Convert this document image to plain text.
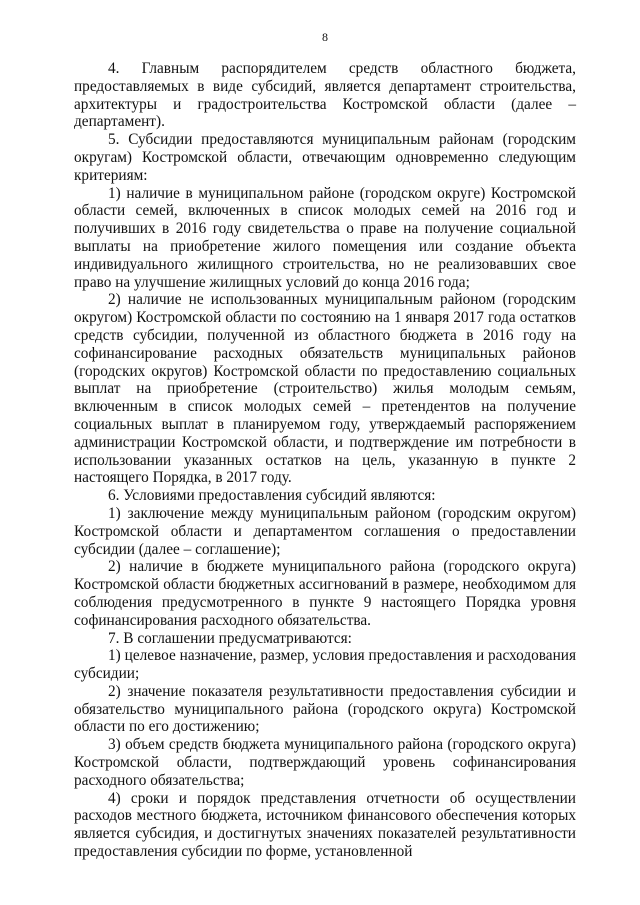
8

4. Главным распорядителем средств областного бюджета, предоставляемых в виде субсидий, является департамент строительства, архитектуры и градостроительства Костромской области (далее – департамент).

5. Субсидии предоставляются муниципальным районам (городским округам) Костромской области, отвечающим одновременно следующим критериям:

1) наличие в муниципальном районе (городском округе) Костромской области семей, включенных в список молодых семей на 2016 год и получивших в 2016 году свидетельства о праве на получение социальной выплаты на приобретение жилого помещения или создание объекта индивидуального жилищного строительства, но не реализовавших свое право на улучшение жилищных условий до конца 2016 года;

2) наличие не использованных муниципальным районом (городским округом) Костромской области по состоянию на 1 января 2017 года остатков средств субсидии, полученной из областного бюджета в 2016 году на софинансирование расходных обязательств муниципальных районов (городских округов) Костромской области по предоставлению социальных выплат на приобретение (строительство) жилья молодым семьям, включенным в список молодых семей – претендентов на получение социальных выплат в планируемом году, утверждаемый распоряжением администрации Костромской области, и подтверждение им потребности в использовании указанных остатков на цель, указанную в пункте 2 настоящего Порядка, в 2017 году.

6. Условиями предоставления субсидий являются:

1) заключение между муниципальным районом (городским округом) Костромской области и департаментом соглашения о предоставлении субсидии (далее – соглашение);

2) наличие в бюджете муниципального района (городского округа) Костромской области бюджетных ассигнований в размере, необходимом для соблюдения предусмотренного в пункте 9 настоящего Порядка уровня софинансирования расходного обязательства.

7. В соглашении предусматриваются:

1) целевое назначение, размер, условия предоставления и расходования субсидии;

2) значение показателя результативности предоставления субсидии и обязательство муниципального района (городского округа) Костромской области по его достижению;

3) объем средств бюджета муниципального района (городского округа) Костромской области, подтверждающий уровень софинансирования расходного обязательства;

4) сроки и порядок представления отчетности об осуществлении расходов местного бюджета, источником финансового обеспечения которых является субсидия, и достигнутых значениях показателей результативности предоставления субсидии по форме, установленной
